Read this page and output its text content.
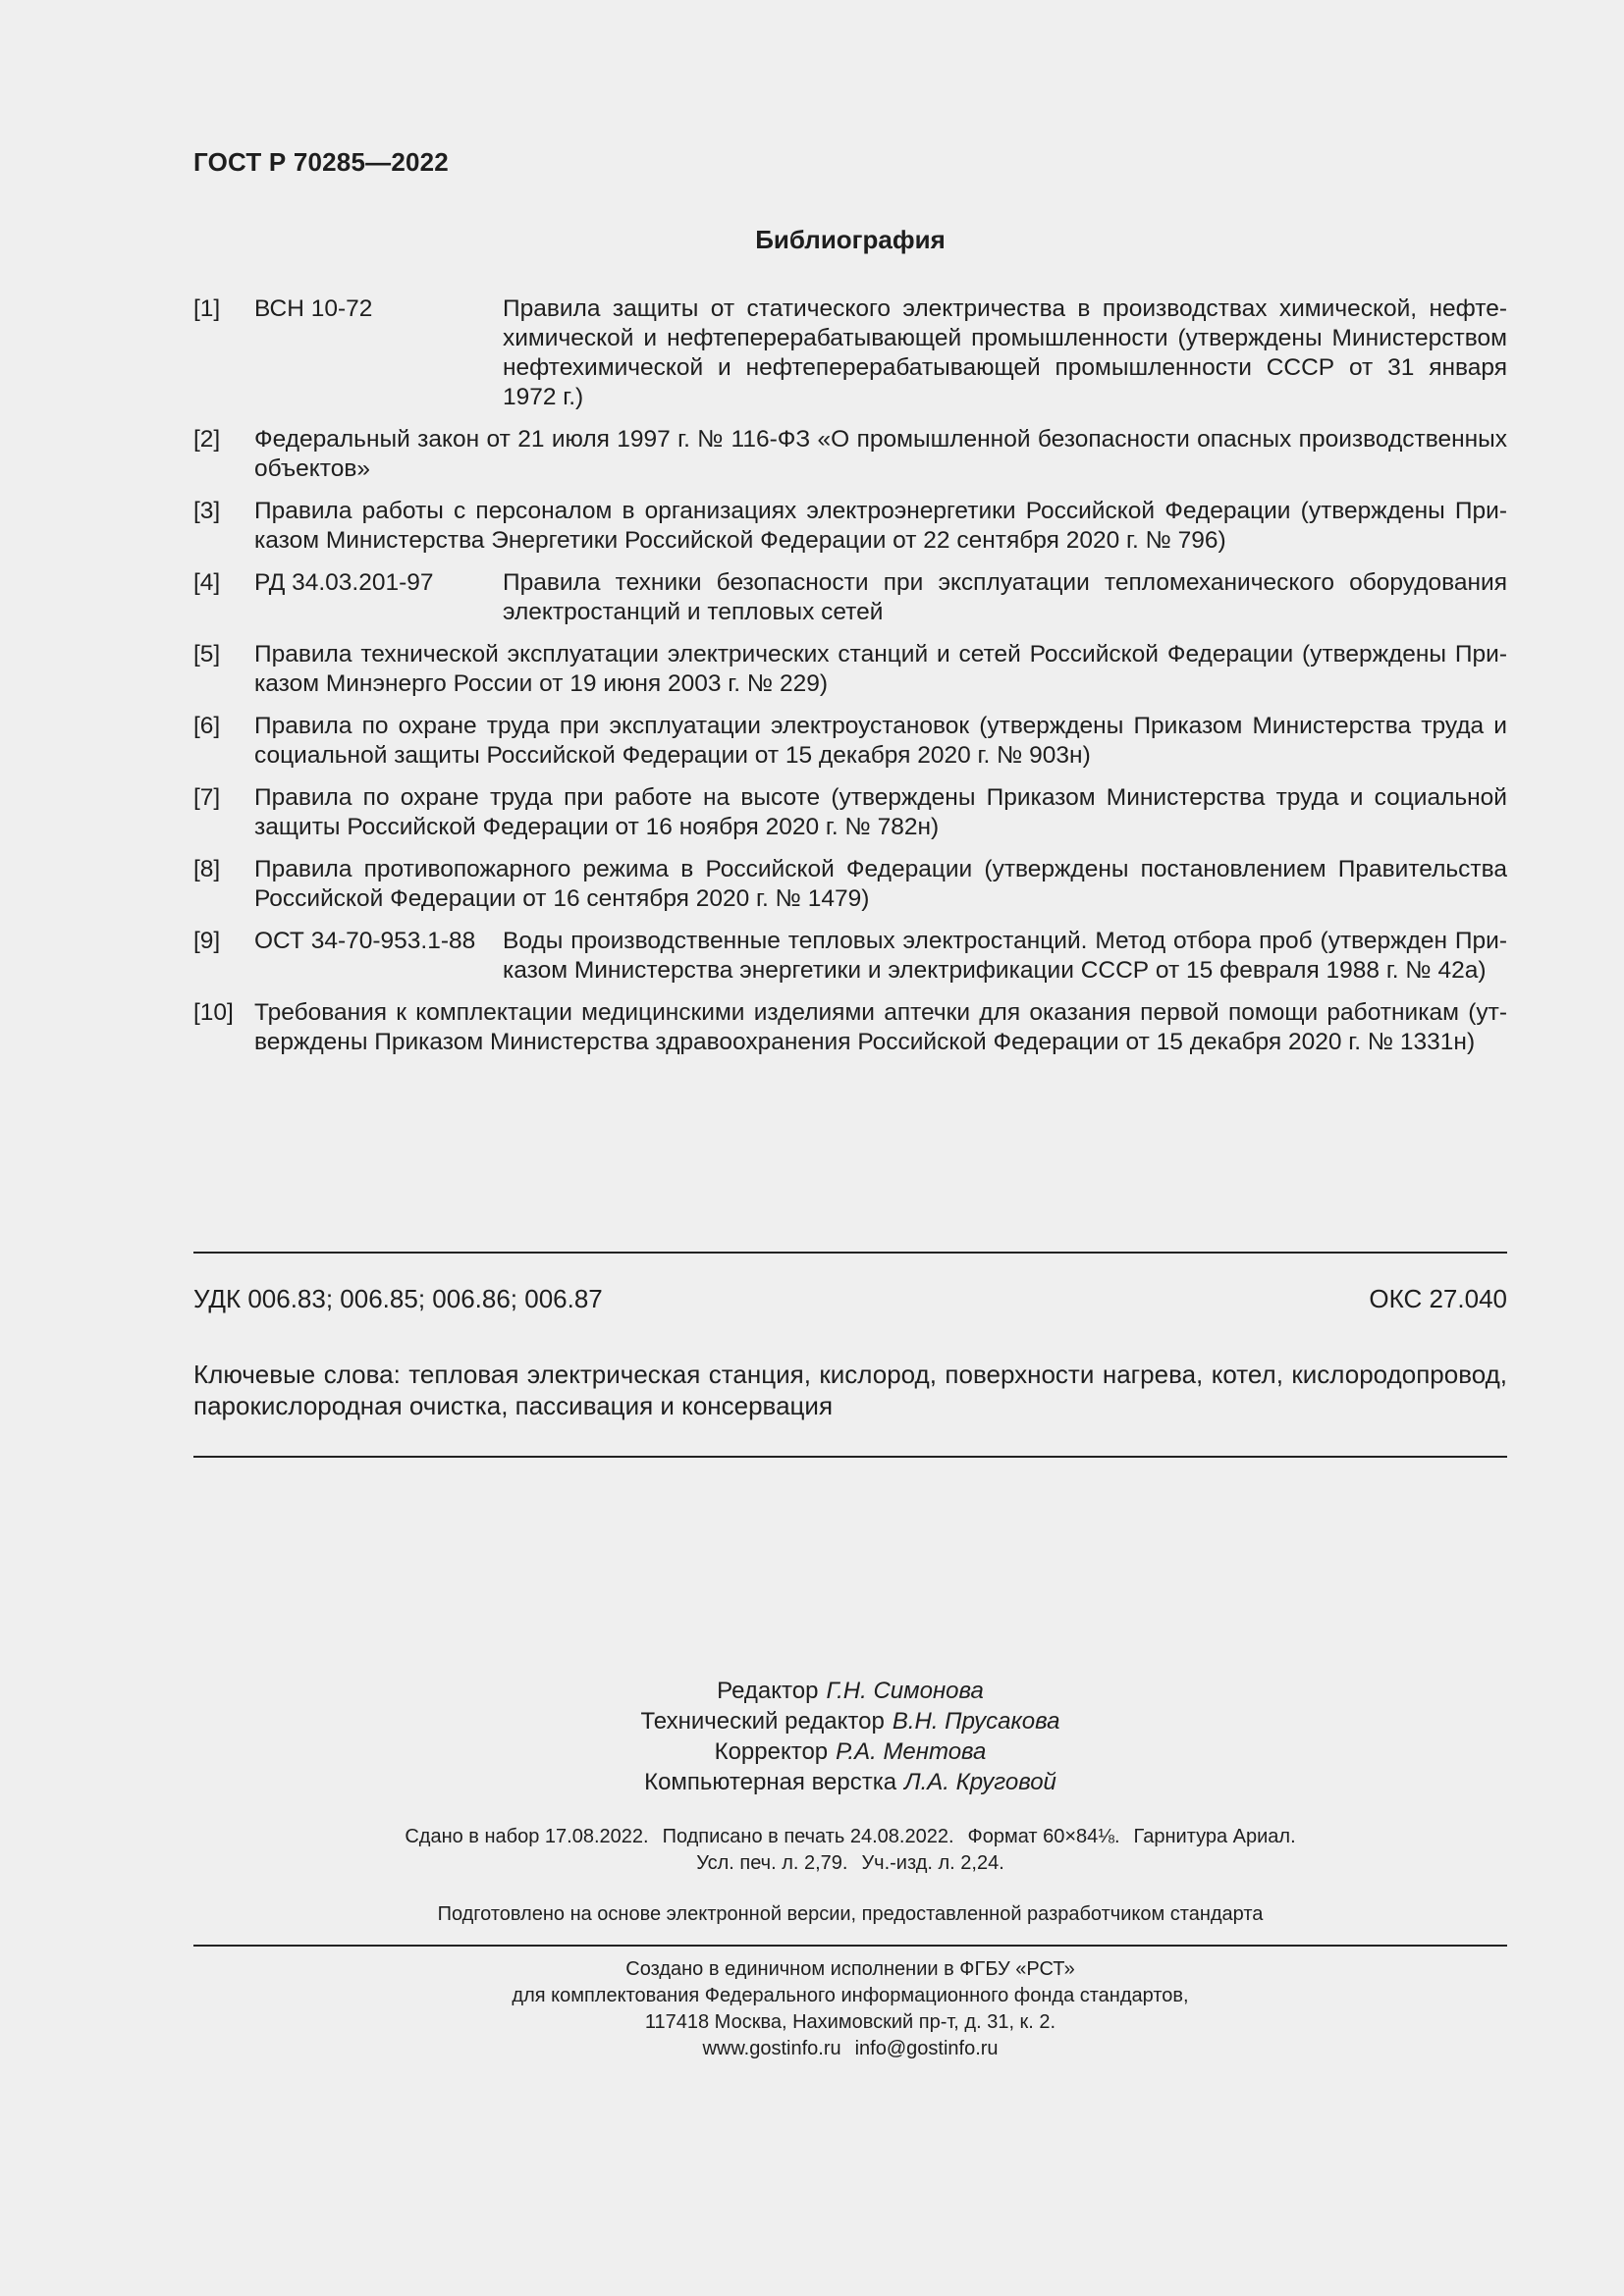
ГОСТ Р 70285—2022
Библиография
[1]	ВСН 10-72	Правила защиты от статического электричества в производствах химической, нефтехимической и нефтеперерабатывающей промышленности (утверждены Министерством нефтехимической и нефтеперерабатывающей промышленности СССР от 31 января 1972 г.)
[2]	Федеральный закон от 21 июля 1997 г. № 116-ФЗ «О промышленной безопасности опасных производственных объектов»
[3]	Правила работы с персоналом в организациях электроэнергетики Российской Федерации (утверждены Приказом Министерства Энергетики Российской Федерации от 22 сентября 2020 г. № 796)
[4]	РД 34.03.201-97	Правила техники безопасности при эксплуатации тепломеханического оборудования электростанций и тепловых сетей
[5]	Правила технической эксплуатации электрических станций и сетей Российской Федерации (утверждены Приказом Минэнерго России от 19 июня 2003 г. № 229)
[6]	Правила по охране труда при эксплуатации электроустановок (утверждены Приказом Министерства труда и социальной защиты Российской Федерации от 15 декабря 2020 г. № 903н)
[7]	Правила по охране труда при работе на высоте (утверждены Приказом Министерства труда и социальной защиты Российской Федерации от 16 ноября 2020 г. № 782н)
[8]	Правила противопожарного режима в Российской Федерации (утверждены постановлением Правительства Российской Федерации от 16 сентября 2020 г. № 1479)
[9]	ОСТ 34-70-953.1-88	Воды производственные тепловых электростанций. Метод отбора проб (утвержден Приказом Министерства энергетики и электрификации СССР от 15 февраля 1988 г. № 42а)
[10] Требования к комплектации медицинскими изделиями аптечки для оказания первой помощи работникам (утверждены Приказом Министерства здравоохранения Российской Федерации от 15 декабря 2020 г. № 1331н)
УДК 006.83; 006.85; 006.86; 006.87	ОКС 27.040
Ключевые слова: тепловая электрическая станция, кислород, поверхности нагрева, котел, кислородопровод, парокислородная очистка, пассивация и консервация
Редактор Г.Н. Симонова
Технический редактор В.Н. Прусакова
Корректор Р.А. Ментова
Компьютерная верстка Л.А. Круговой
Сдано в набор 17.08.2022. Подписано в печать 24.08.2022. Формат 60×84⅛. Гарнитура Ариал.
Усл. печ. л. 2,79. Уч.-изд. л. 2,24.
Подготовлено на основе электронной версии, предоставленной разработчиком стандарта
Создано в единичном исполнении в ФГБУ «РСТ»
для комплектования Федерального информационного фонда стандартов,
117418 Москва, Нахимовский пр-т, д. 31, к. 2.
www.gostinfo.ru info@gostinfo.ru
